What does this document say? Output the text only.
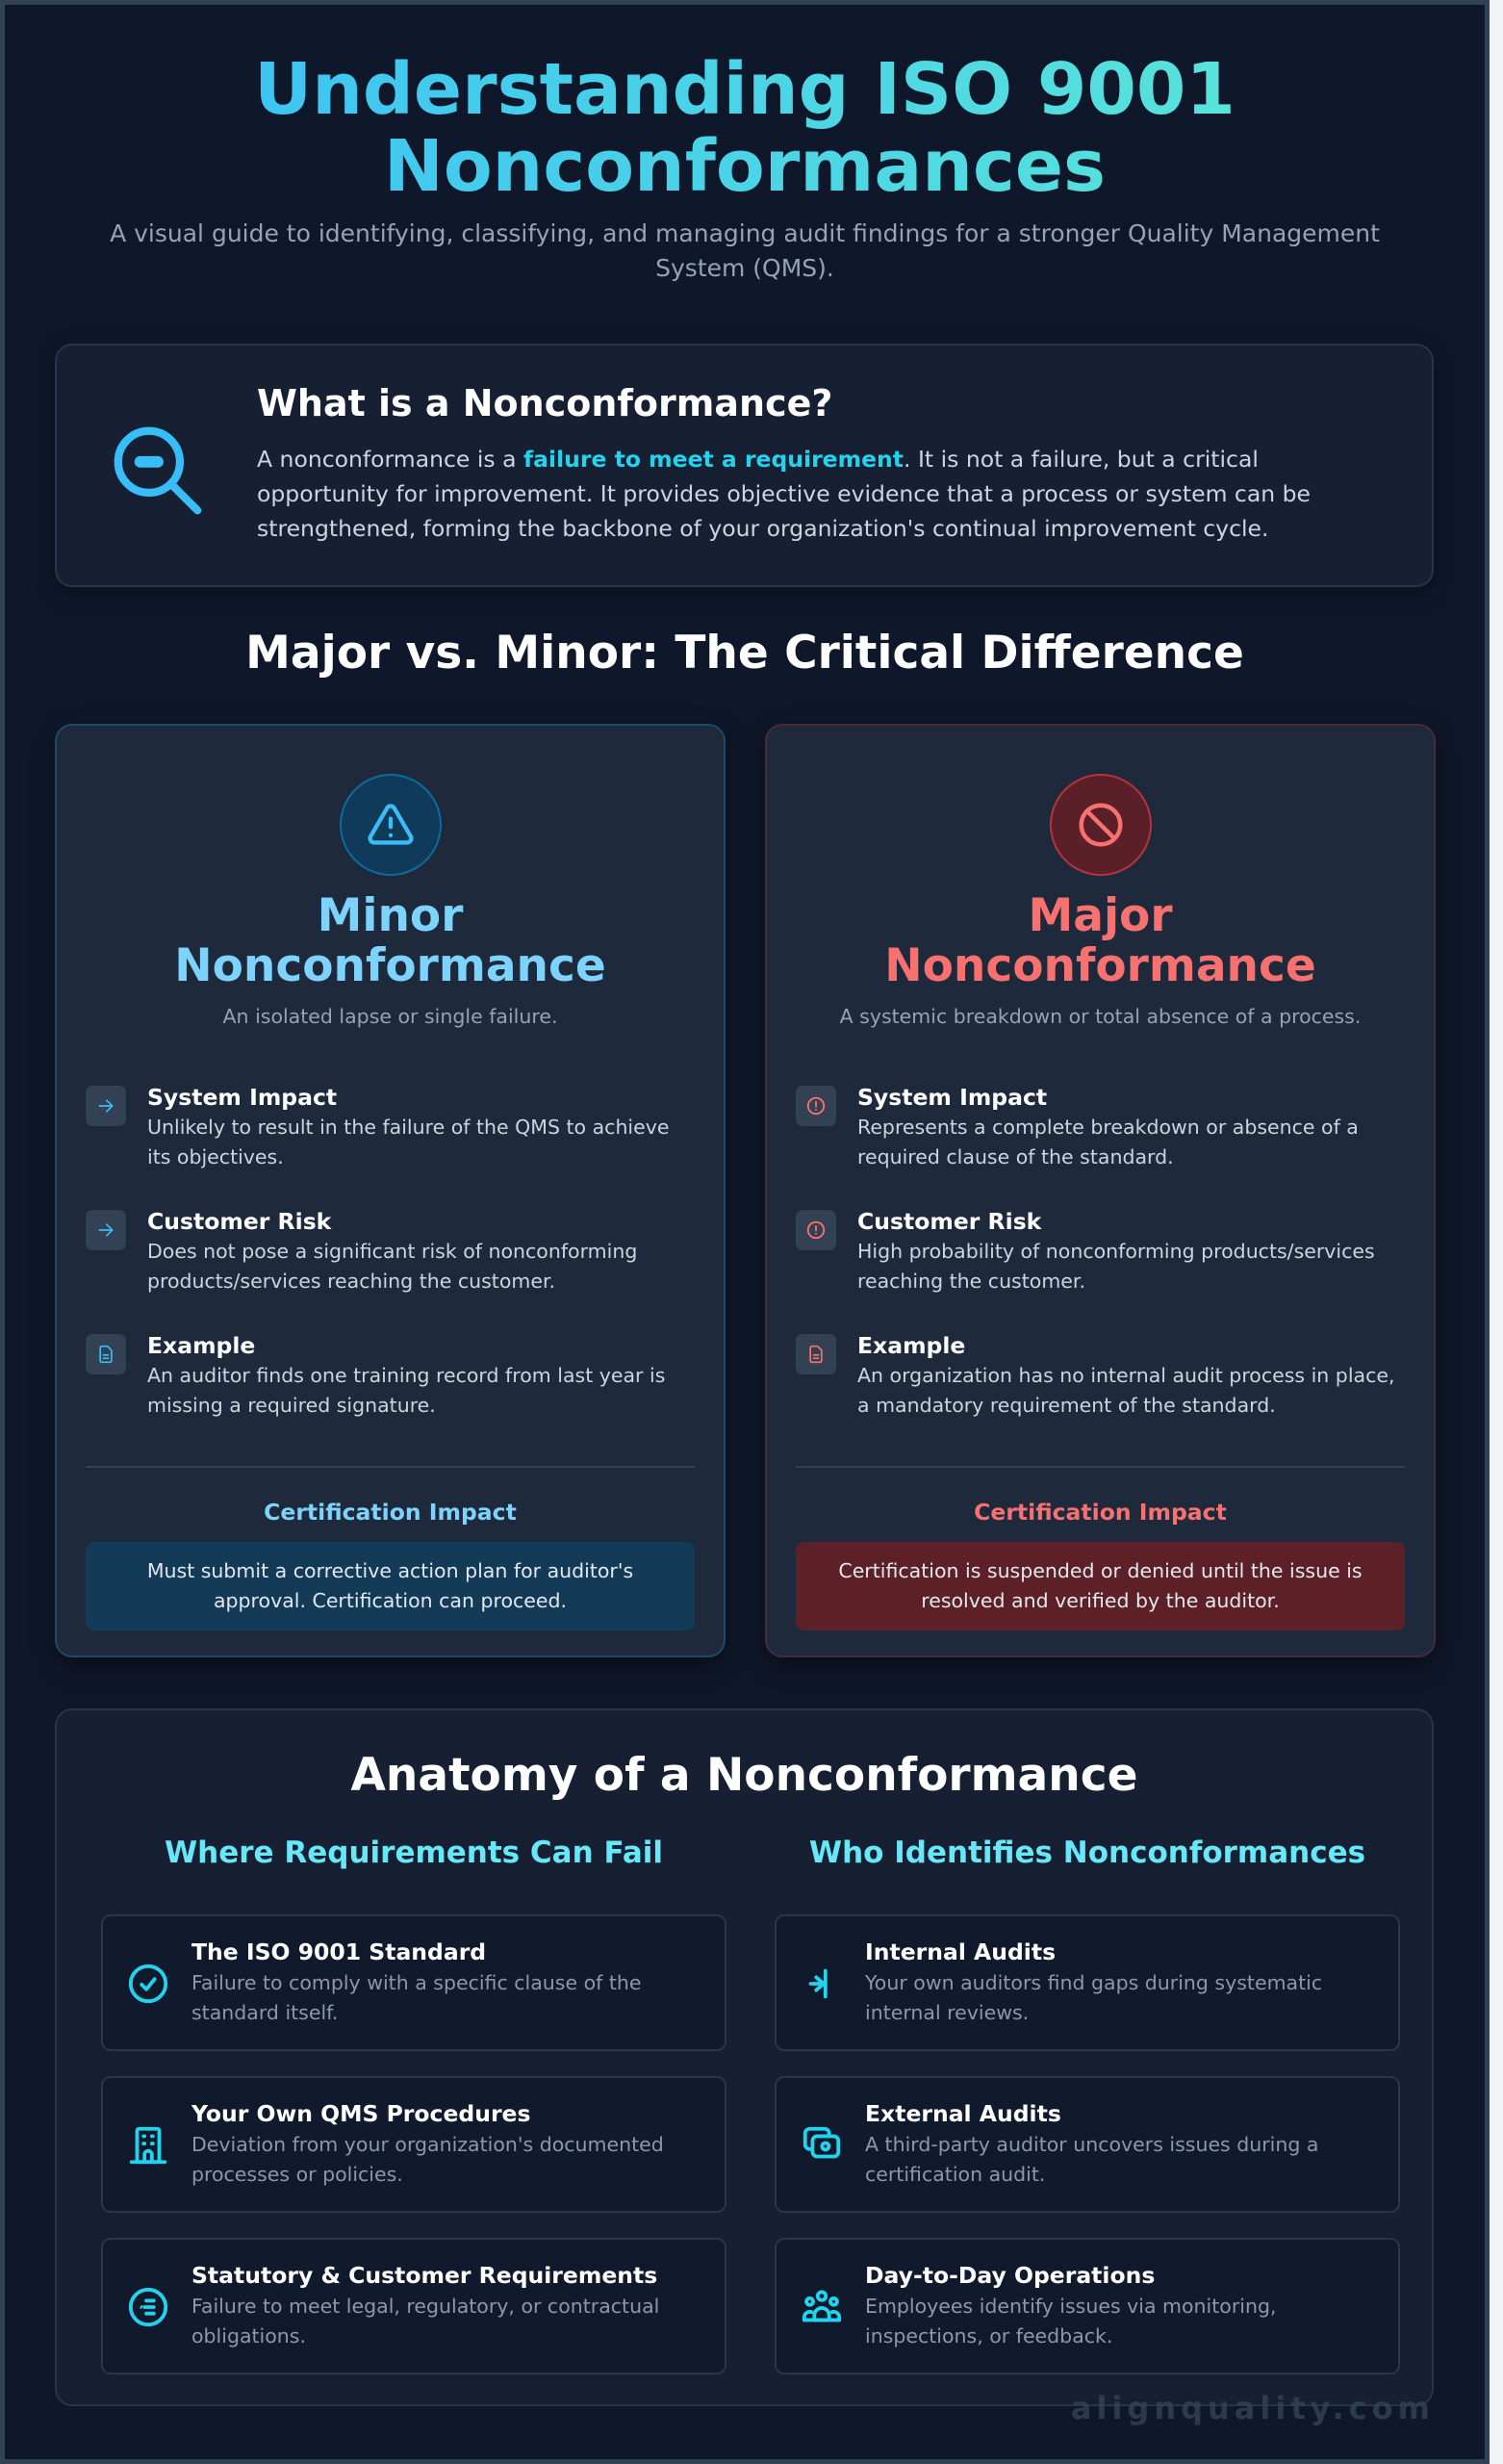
Understanding ISO 9001
Nonconformances

A visual guide to identifying, classifying, and managing audit findings for a stronger Quality Management System (QMS).

What is a Nonconformance?

A nonconformance is a failure to meet a requirement. It is not a failure, but a critical opportunity for improvement. It provides objective evidence that a process or system can be strengthened, forming the backbone of your organization's continual improvement cycle.

Major vs. Minor: The Critical Difference
Minor
Nonconformance

An isolated lapse or single failure.

System Impact
Unlikely to result in the failure of the QMS to achieve its objectives.
Customer Risk
Does not pose a significant risk of nonconforming products/services reaching the customer.
Example
An auditor finds one training record from last year is missing a required signature.
Certification Impact
Must submit a corrective action plan for auditor's approval. Certification can proceed.
Major
Nonconformance

A systemic breakdown or total absence of a process.

System Impact
Represents a complete breakdown or absence of a required clause of the standard.
Customer Risk
High probability of nonconforming products/services reaching the customer.
Example
An organization has no internal audit process in place, a mandatory requirement of the standard.
Certification Impact
Certification is suspended or denied until the issue is resolved and verified by the auditor.
Anatomy of a Nonconformance
Where Requirements Can Fail
The ISO 9001 Standard
Failure to comply with a specific clause of the standard itself.
Your Own QMS Procedures
Deviation from your organization's documented processes or policies.
Statutory & Customer Requirements
Failure to meet legal, regulatory, or contractual obligations.
Who Identifies Nonconformances
Internal Audits
Your own auditors find gaps during systematic internal reviews.
External Audits
A third-party auditor uncovers issues during a certification audit.
Day-to-Day Operations
Employees identify issues via monitoring, inspections, or feedback.
alignquality.com
